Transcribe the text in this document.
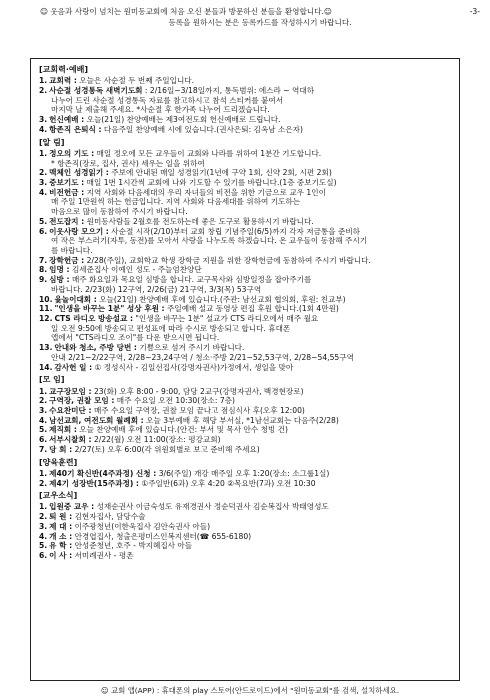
☺ 웃음과 사랑이 넘치는 원미동교회에 처음 오신 분들과 방문하신 분들을 환영합니다.☺	-3-
등록을 원하시는 분은 등록카드를 작성하시기 바랍니다.
[교회력·예배]
1. 교회력 : 오늘은 사순절 두 번째 주일입니다.
2. 사순절 성경통독 새벽기도회 : 2/16일~3/18일까지, 통독범위: 에스라 ~ 역대하
나누어 드린 사순절 성경통독 자료를 참고하시고 참석 스티커를 붙여서
마지막 날 제출해 주세요. *사순절 후 한가족 나누어 드리겠습니다.
3. 헌신예배 : 오늘(21일) 찬양예배는 제3여전도회 헌신예배로 드립니다.
4. 항존직 은퇴식 : 다음주일 찬양예배 시에 있습니다.(권사은퇴: 김옥남 소은자)
[알 림]
1. 정오의 기도 : 매일 정오에 모든 교우들이 교회와 나라를 위하여 1분간 기도합니다.
* 항존직(장로, 집사, 권사) 세우는 일을 위하여
2. 맥체인 성경읽기 : 주보에 안내된 매일 성경읽기(1년에 구약 1회, 신약 2회, 시편 2회)
3. 중보기도 : 매일 1번 1시간씩 교회에 나와 기도할 수 있기를 바랍니다.(1층 중보기도실)
4. 비전헌금 : 지역 사회와 다음세대의 우리 자녀들의 비전을 위한 기금으로 교우 1인이
매 주일 1만원씩 하는 헌금입니다. 지역 사회와 다음세대를 위하여 기도하는
마음으로 많이 동참하여 주시기 바랍니다.
5. 전도잡지 : 원미동사람들 2월호를 전도하는데 좋은 도구로 활용하시기 바랍니다.
6. 이웃사랑 모으기 : 사순절 시작(2/10)부터 교회 창립 기념주일(6/5)까지 각자 저금통을 준비하
여 작은 부스러기(자투, 동전)를 모아서 사랑을 나누도록 하겠습니다. 온 교우들이 동참해 주시기
를 바랍니다.
7. 장학헌금 : 2/28(주일), 교회학교 학생 장학금 지원을 위한 장학헌금에 동참하여 주시기 바랍니다.
8. 임명 : 김세준집사 이예인 성도 - 주늘엄찬양단
9. 심방 : 매주 화요일과 목요일 심방을 합니다. 교구목사와 심방일정을 잡아주기를
바랍니다. 2/23(화) 12구역, 2/26(금) 21구역, 3/3(목) 53구역
10. 윷놀이대회 : 오늘(21일) 찬양예배 후에 있습니다.(주관: 남선교회 협의회, 후원: 친교부)
11. "인생을 바꾸는 1분" 성상 후원 : 주일예배 설교 동영상 편집 후원 합니다.(1회 4만원)
12. CTS 라디오 방송설교 : "인생을 바꾸는 1분" 설교가 CTS 라디오에서 매주 월요
일 오전 9:50에 방송되고 편성표에 따라 수시로 방송되고 합니다. 휴대폰
앱에서 "CTS라디오 조이"를 다운 받으시면 됩니다.
13. 안내와 청소, 주방 당번 : 기쁨으로 섬겨 주시기 바랍니다.
안내 2/21~2/22구역, 2/28~23,24구역 / 청소·주방 2/21~52,53구역, 2/28~54,55구역
14. 감사헌 일 : ① 정성식사 - 김일선집사(강명자권사)가정에서, 생일을 맞아
[모 임]
1. 교구장모임 : 23(화) 오후 8:00 - 9:00, 담당 2교구(강명자권사, 백경현장로)
2. 구역장, 권찰 모임 : 매주 수요일 오전 10:30(장소: 7층)
3. 수요찬미단 : 매주 수요일 구역장, 권찰 모임 끝나고 점심식사 후(오후 12:00)
4. 남선교회, 여전도회 월례회 : 오늘 3부예배 후 해당 부서실, *1남선교회는 다음주(2/28)
5. 제직회 : 오늘 찬양예배 후에 있습니다.(안건: 부서 및 목사 안수 청빙 건)
6. 서부시찰회 : 2/22(월) 오전 11:00(장소: 평강교회)
7. 당 회 : 2/27(토) 오후 6:00(각 위원회별로 보고 준비해 주세요)
[양육훈련]
1. 제40기 확신반(4주과정) 신청 : 3/6(주일) 개강 매주일 오후 1:20(장소: 소그룹1실)
2. 제4기 성장반(15주과정) : ①주일반(6과) 오후 4:20 ②목요반(7과) 오전 10:30
[교우소식]
1. 입원중 교우 : 성재순권사 이금숙성도 유재경권사 정순덕권사 김순복집사 박태영성도
2. 퇴 원 : 김현자집사, 담당수술
3. 제 대 : 이주광청년(이한욱집사 김안숙권사 아들)
4. 개 소 : 안경엽집사, 청출은평미스인복지센터(☎ 655-6180)
5. 유 학 : 안성준청년, 호주 - 박지혜집사 아들
6. 이 사 : 서미례권사 - 평촌
☺ 교회 앱(APP) : 휴대폰의 play 스토어(안드로이드)에서 "원미동교회"를 검색, 설치하세요.
